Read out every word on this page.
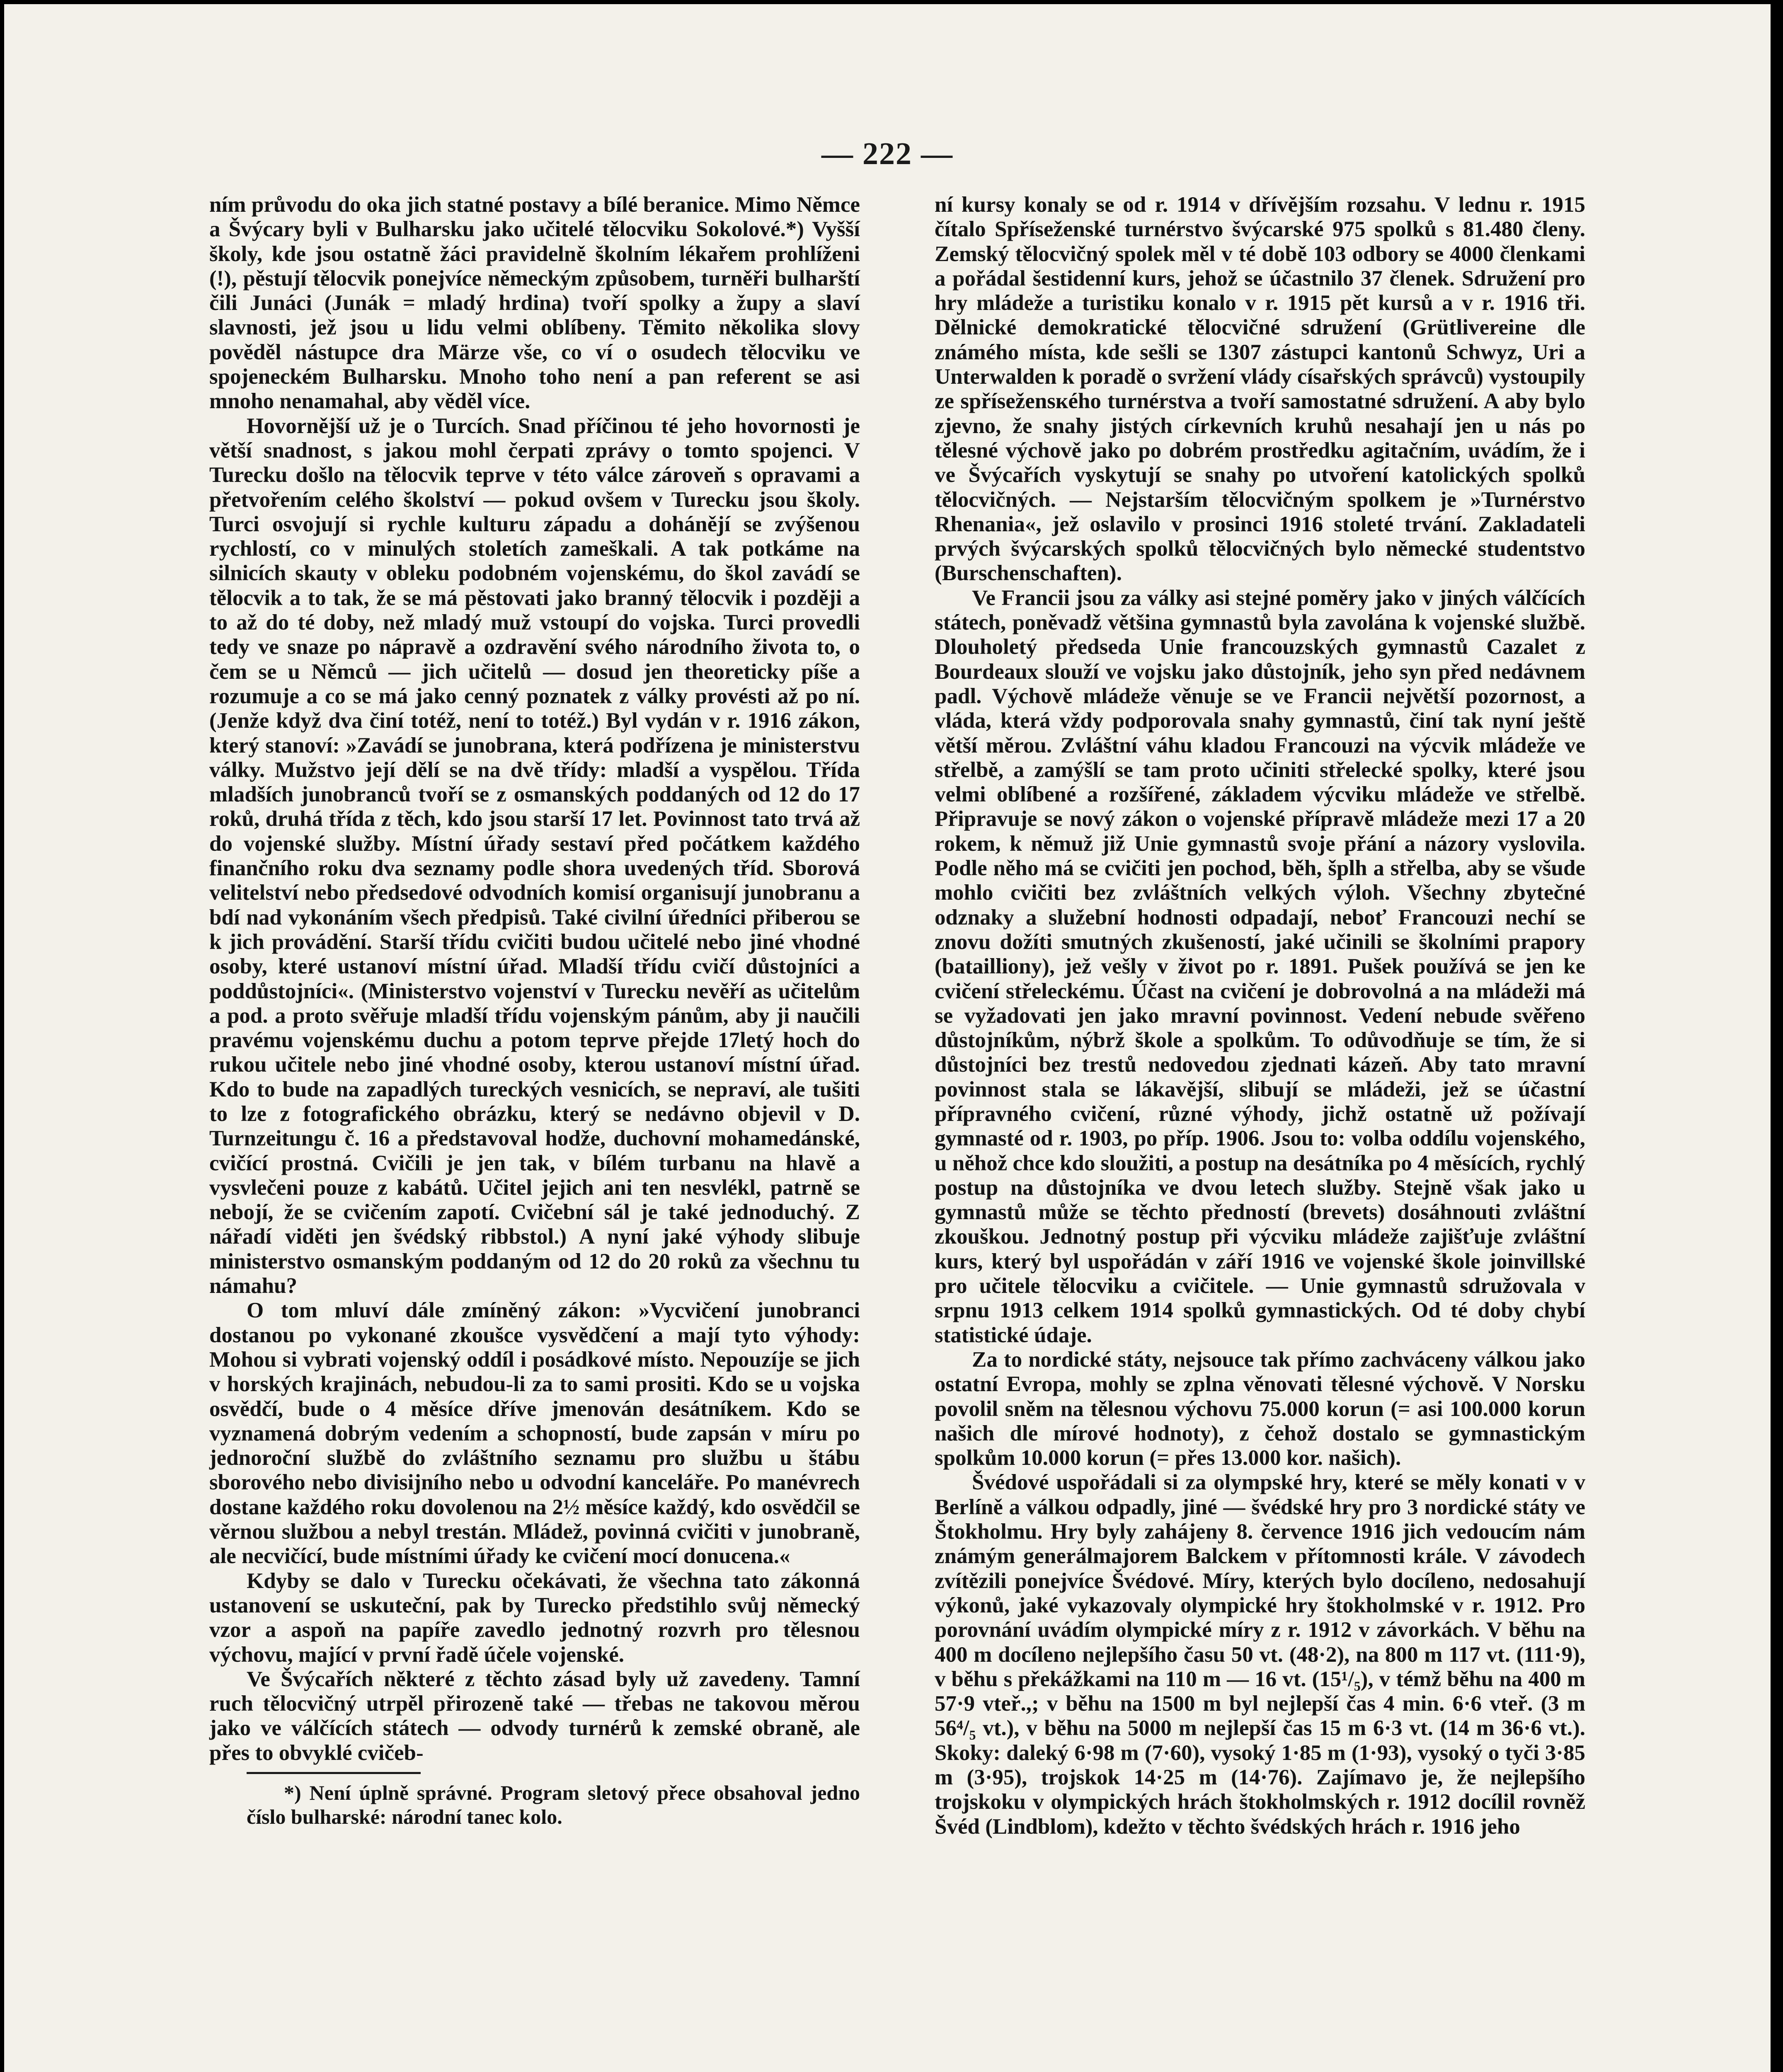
— 222 —

ním průvodu do oka jich statné postavy a bílé beranice. Mimo Němce a Švýcary byli v Bulharsku jako učitelé tělocviku Sokolové.*) Vyšší školy, kde jsou ostatně žáci pravidelně školním lékařem prohlíženi (!), pěstují tělocvik ponejvíce německým způsobem, turněři bulharští čili Junáci (Junák = mladý hrdina) tvoří spolky a župy a slaví slavnosti, jež jsou u lidu velmi oblíbeny. Těmito několika slovy pověděl nástupce dra Märze vše, co ví o osudech tělocviku ve spojeneckém Bulharsku. Mnoho toho není a pan referent se asi mnoho nenamahal, aby věděl více.

Hovornější už je o Turcích. Snad příčinou té jeho hovornosti je větší snadnost, s jakou mohl čerpati zprávy o tomto spojenci. V Turecku došlo na tělocvik teprve v této válce zároveň s opravami a přetvořením celého školství — pokud ovšem v Turecku jsou školy. Turci osvojují si rychle kulturu západu a dohánějí se zvýšenou rychlostí, co v minulých stoletích zameškali. A tak potkáme na silnicích skauty v obleku podobném vojenskému, do škol zavádí se tělocvik a to tak, že se má pěstovati jako branný tělocvik i později a to až do té doby, než mladý muž vstoupí do vojska. Turci provedli tedy ve snaze po nápravě a ozdravění svého národního života to, o čem se u Němců — jich učitelů — dosud jen theoreticky píše a rozumuje a co se má jako cenný poznatek z války provésti až po ní. (Jenže když dva činí totéž, není to totéž.) Byl vydán v r. 1916 zákon, který stanoví: »Zavádí se junobrana, která podřízena je ministerstvu války. Mužstvo její dělí se na dvě třídy: mladší a vyspělou. Třída mladších junobranců tvoří se z osmanských poddaných od 12 do 17 roků, druhá třída z těch, kdo jsou starší 17 let. Povinnost tato trvá až do vojenské služby. Místní úřady sestaví před počátkem každého finančního roku dva seznamy podle shora uvedených tříd. Sborová velitelství nebo předsedové odvodních komisí organisují junobranu a bdí nad vykonáním všech předpisů. Také civilní úředníci přiberou se k jich provádění. Starší třídu cvičiti budou učitelé nebo jiné vhodné osoby, které ustanoví místní úřad. Mladší třídu cvičí důstojníci a poddůstojníci«. (Ministerstvo vojenství v Turecku nevěří as učitelům a pod. a proto svěřuje mladší třídu vojenským pánům, aby ji naučili pravému vojenskému duchu a potom teprve přejde 17letý hoch do rukou učitele nebo jiné vhodné osoby, kterou ustanoví místní úřad. Kdo to bude na zapadlých tureckých vesnicích, se nepraví, ale tušiti to lze z fotografického obrázku, který se nedávno objevil v D. Turnzeitungu č. 16 a představoval hodže, duchovní mohamedánské, cvičící prostná. Cvičili je jen tak, v bílém turbanu na hlavě a vysvlečeni pouze z kabátů. Učitel jejich ani ten nesvlékl, patrně se nebojí, že se cvičením zapotí. Cvičební sál je také jednoduchý. Z nářadí viděti jen švédský ribbstol.) A nyní jaké výhody slibuje ministerstvo osmanským poddaným od 12 do 20 roků za všechnu tu námahu?

O tom mluví dále zmíněný zákon: »Vycvičení junobranci dostanou po vykonané zkoušce vysvědčení a mají tyto výhody: Mohou si vybrati vojenský oddíl i posádkové místo. Nepouzíje se jich v horských krajinách, nebudou-li za to sami prositi. Kdo se u vojska osvědčí, bude o 4 měsíce dříve jmenován desátníkem. Kdo se vyznamená dobrým vedením a schopností, bude zapsán v míru po jednoroční službě do zvláštního seznamu pro službu u štábu sborového nebo divisijního nebo u odvodní kanceláře. Po manévrech dostane každého roku dovolenou na 2½ měsíce každý, kdo osvědčil se věrnou službou a nebyl trestán. Mládež, povinná cvičiti v junobraně, ale necvičící, bude místními úřady ke cvičení mocí donucena.«

Kdyby se dalo v Turecku očekávati, že všechna tato zákonná ustanovení se uskuteční, pak by Turecko předstihlo svůj německý vzor a aspoň na papíře zavedlo jednotný rozvrh pro tělesnou výchovu, mající v první řadě účele vojenské.

Ve Švýcařích některé z těchto zásad byly už zavedeny. Tamní ruch tělocvičný utrpěl přirozeně také — třebas ne takovou měrou jako ve válčících státech — odvody turnérů k zemské obraně, ale přes to obvyklé cvičeb-

*) Není úplně správné. Program sletový přece obsahoval jedno číslo bulharské: národní tanec kolo.

ní kursy konaly se od r. 1914 v dřívějším rozsahu. V lednu r. 1915 čítalo Spříseženské turnérstvo švýcarské 975 spolků s 81.480 členy. Zemský tělocvičný spolek měl v té době 103 odbory se 4000 členkami a pořádal šestidenní kurs, jehož se účastnilo 37 členek. Sdružení pro hry mládeže a turistiku konalo v r. 1915 pět kursů a v r. 1916 tři. Dělnické demokratické tělocvičné sdružení (Grütlivereine dle známého místa, kde sešli se 1307 zástupci kantonů Schwyz, Uri a Unterwalden k poradě o svržení vlády císařských správců) vystoupily ze spřísežensкého turnérstva a tvoří samostatné sdružení. A aby bylo zjevno, že snahy jistých církevních kruhů nesahají jen u nás po tělesné výchově jako po dobrém prostředku agitačním, uvádím, že i ve Švýcařích vyskytují se snahy po utvoření katolických spolků tělocvičných. — Nejstarším tělocvičným spolkem je »Turnérstvo Rhenania«, jež oslavilo v prosinci 1916 stoleté trvání. Zakladateli prvých švýcarských spolků tělocvičných bylo německé studentstvo (Burschenschaften).

Ve Francii jsou za války asi stejné poměry jako v jiných válčících státech, poněvadž většina gymnastů byla zavolána k vojenské službě. Dlouholetý předseda Unie francouzských gymnastů Cazalet z Bourdeaux slouží ve vojsku jako důstojník, jeho syn před nedávnem padl. Výchově mládeže věnuje se ve Francii největší pozornost, a vláda, která vždy podporovala snahy gymnastů, činí tak nyní ještě větší měrou. Zvláštní váhu kladou Francouzi na výcvik mládeže ve střelbě, a zamýšlí se tam proto učiniti střelecké spolky, které jsou velmi oblíbené a rozšířené, základem výcviku mládeže ve střelbě. Připravuje se nový zákon o vojenské přípravě mládeže mezi 17 a 20 rokem, k němuž již Unie gymnastů svoje přání a názory vyslovila. Podle něho má se cvičiti jen pochod, běh, šplh a střelba, aby se všude mohlo cvičiti bez zvláštních velkých výloh. Všechny zbytečné odznaky a služební hodnosti odpadají, neboť Francouzi nechí se znovu dožíti smutných zkušeností, jaké učinili se školními prapory (batailliony), jež vešly v život po r. 1891. Pušek používá se jen ke cvičení střeleckému. Účast na cvičení je dobrovolná a na mládeži má se vyžadovati jen jako mravní povinnost. Vedení nebude svěřeno důstojníkům, nýbrž škole a spolkům. To odůvodňuje se tím, že si důstojníci bez trestů nedovedou zjednati kázeň. Aby tato mravní povinnost stala se lákavější, slibují se mládeži, jež se účastní přípravného cvičení, různé výhody, jichž ostatně už požívají gymnasté od r. 1903, po příp. 1906. Jsou to: volba oddílu vojenského, u něhož chce kdo sloužiti, a postup na desátníka po 4 měsících, rychlý postup na důstojníka ve dvou letech služby. Stejně však jako u gymnastů může se těchto předností (brevets) dosáhnouti zvláštní zkouškou. Jednotný postup při výcviku mládeže zajišťuje zvláštní kurs, který byl uspořádán v září 1916 ve vojenské škole joinvillské pro učitele tělocviku a cvičitele. — Unie gymnastů sdružovala v srpnu 1913 celkem 1914 spolků gymnastických. Od té doby chybí statistické údaje.

Za to nordické státy, nejsouce tak přímo zachváceny válkou jako ostatní Evropa, mohly se zplna věnovati tělesné výchově. V Norsku povolil sněm na tělesnou výchovu 75.000 korun (= asi 100.000 korun našich dle mírové hodnoty), z čehož dostalo se gymnastickým spolkům 10.000 korun (= přes 13.000 kor. našich).

Švédové uspořádali si za olympské hry, které se měly konati v v Berlíně a válkou odpadly, jiné — švédské hry pro 3 nordické státy ve Štokholmu. Hry byly zahájeny 8. července 1916 jich vedoucím nám známým generálmajorem Balckem v přítomnosti krále. V závodech zvítězili ponejvíce Švédové. Míry, kterých bylo docíleno, nedosahují výkonů, jaké vykazovaly olympické hry štokholmské v r. 1912. Pro porovnání uvádím olympické míry z r. 1912 v závorkách. V běhu na 400 m docíleno nejlepšího času 50 vt. (48·2), na 800 m 117 vt. (111·9), v běhu s překážkami na 110 m — 16 vt. (15¹/₅), v témž běhu na 400 m 57·9 vteř.,; v běhu na 1500 m byl nejlepší čas 4 min. 6·6 vteř. (3 m 56⁴/₅ vt.), v běhu na 5000 m nejlepší čas 15 m 6·3 vt. (14 m 36·6 vt.). Skoky: daleký 6·98 m (7·60), vysoký 1·85 m (1·93), vysoký o tyči 3·85 m (3·95), trojskok 14·25 m (14·76). Zajímavo je, že nejlepšího trojskoku v olympických hrách štokholmských r. 1912 docílil rovněž Švéd (Lindblom), kdežto v těchto švédských hrách r. 1916 jeho
